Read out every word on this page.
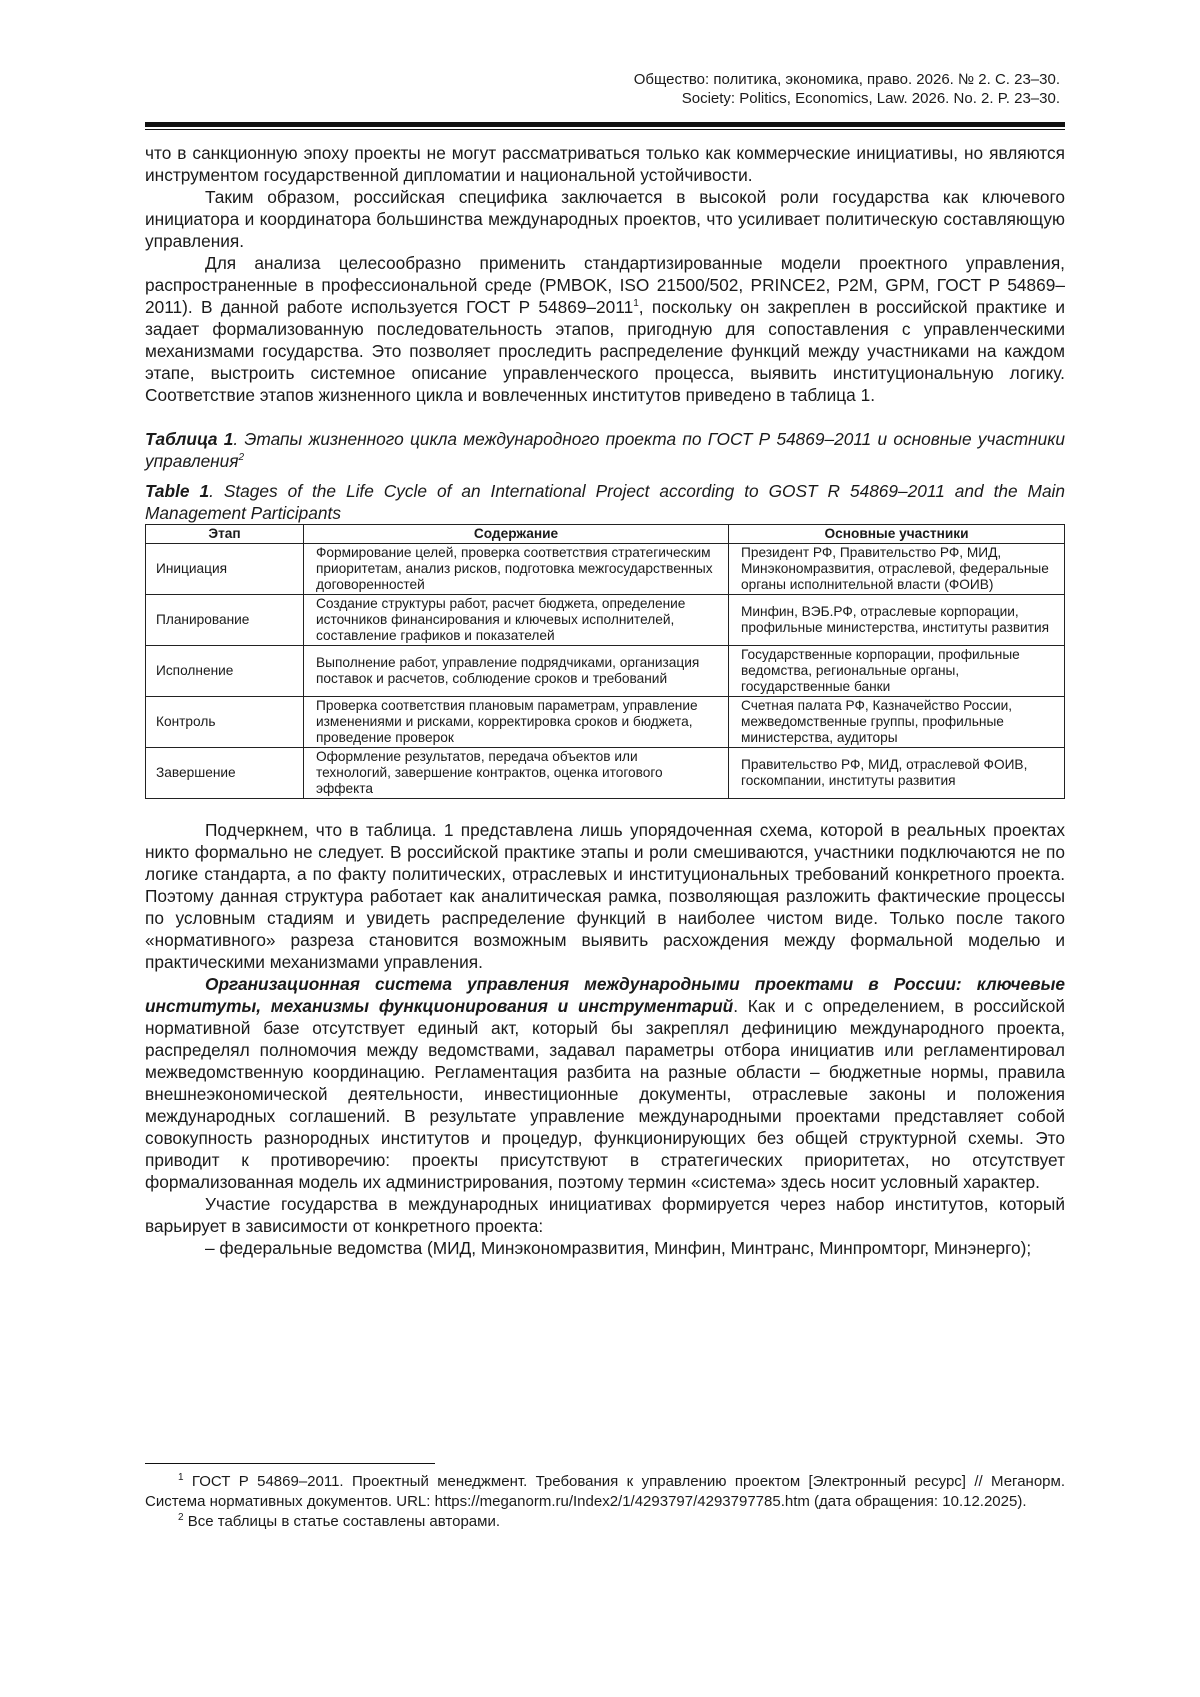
Общество: политика, экономика, право. 2026. № 2. С. 23–30.
Society: Politics, Economics, Law. 2026. No. 2. P. 23–30.

что в санкционную эпоху проекты не могут рассматриваться только как коммерческие инициативы, но являются инструментом государственной дипломатии и национальной устойчивости.

Таким образом, российская специфика заключается в высокой роли государства как ключевого инициатора и координатора большинства международных проектов, что усиливает политическую составляющую управления.

Для анализа целесообразно применить стандартизированные модели проектного управления, распространенные в профессиональной среде (PMBOK, ISO 21500/502, PRINCE2, P2M, GPM, ГОСТ Р 54869–2011). В данной работе используется ГОСТ Р 54869–2011$^1$, поскольку он закреплен в российской практике и задает формализованную последовательность этапов, пригодную для сопоставления с управленческими механизмами государства. Это позволяет проследить распределение функций между участниками на каждом этапе, выстроить системное описание управленческого процесса, выявить институциональную логику. Соответствие этапов жизненного цикла и вовлеченных институтов приведено в таблица 1.

Таблица 1. Этапы жизненного цикла международного проекта по ГОСТ Р 54869–2011 и основные участники управления$^2$

Table 1. Stages of the Life Cycle of an International Project according to GOST R 54869–2011 and the Main Management Participants

Этап	Содержание	Основные участники
Инициация	Формирование целей, проверка соответствия стратегическим приоритетам, анализ рисков, подготовка межгосударственных договоренностей	Президент РФ, Правительство РФ, МИД, Минэкономразвития, отраслевой, федеральные органы исполнительной власти (ФОИВ)
Планирование	Создание структуры работ, расчет бюджета, определение источников финансирования и ключевых исполнителей, составление графиков и показателей	Минфин, ВЭБ.РФ, отраслевые корпорации, профильные министерства, институты развития
Исполнение	Выполнение работ, управление подрядчиками, организация поставок и расчетов, соблюдение сроков и требований	Государственные корпорации, профильные ведомства, региональные органы, государственные банки
Контроль	Проверка соответствия плановым параметрам, управление изменениями и рисками, корректировка сроков и бюджета, проведение проверок	Счетная палата РФ, Казначейство России, межведомственные группы, профильные министерства, аудиторы
Завершение	Оформление результатов, передача объектов или технологий, завершение контрактов, оценка итогового эффекта	Правительство РФ, МИД, отраслевой ФОИВ, госкомпании, институты развития

Подчеркнем, что в таблица. 1 представлена лишь упорядоченная схема, которой в реальных проектах никто формально не следует. В российской практике этапы и роли смешиваются, участники подключаются не по логике стандарта, а по факту политических, отраслевых и институциональных требований конкретного проекта. Поэтому данная структура работает как аналитическая рамка, позволяющая разложить фактические процессы по условным стадиям и увидеть распределение функций в наиболее чистом виде. Только после такого «нормативного» разреза становится возможным выявить расхождения между формальной моделью и практическими механизмами управления.

Организационная система управления международными проектами в России: ключевые институты, механизмы функционирования и инструментарий. Как и с определением, в российской нормативной базе отсутствует единый акт, который бы закреплял дефиницию международного проекта, распределял полномочия между ведомствами, задавал параметры отбора инициатив или регламентировал межведомственную координацию. Регламентация разбита на разные области – бюджетные нормы, правила внешнеэкономической деятельности, инвестиционные документы, отраслевые законы и положения международных соглашений. В результате управление международными проектами представляет собой совокупность разнородных институтов и процедур, функционирующих без общей структурной схемы. Это приводит к противоречию: проекты присутствуют в стратегических приоритетах, но отсутствует формализованная модель их администрирования, поэтому термин «система» здесь носит условный характер.

Участие государства в международных инициативах формируется через набор институтов, который варьирует в зависимости от конкретного проекта:

– федеральные ведомства (МИД, Минэкономразвития, Минфин, Минтранс, Минпромторг, Минэнерго);

$^1$ ГОСТ Р 54869–2011. Проектный менеджмент. Требования к управлению проектом [Электронный ресурс] // Меганорм. Система нормативных документов. URL: https://meganorm.ru/Index2/1/4293797/4293797785.htm (дата обращения: 10.12.2025).

$^2$ Все таблицы в статье составлены авторами.
